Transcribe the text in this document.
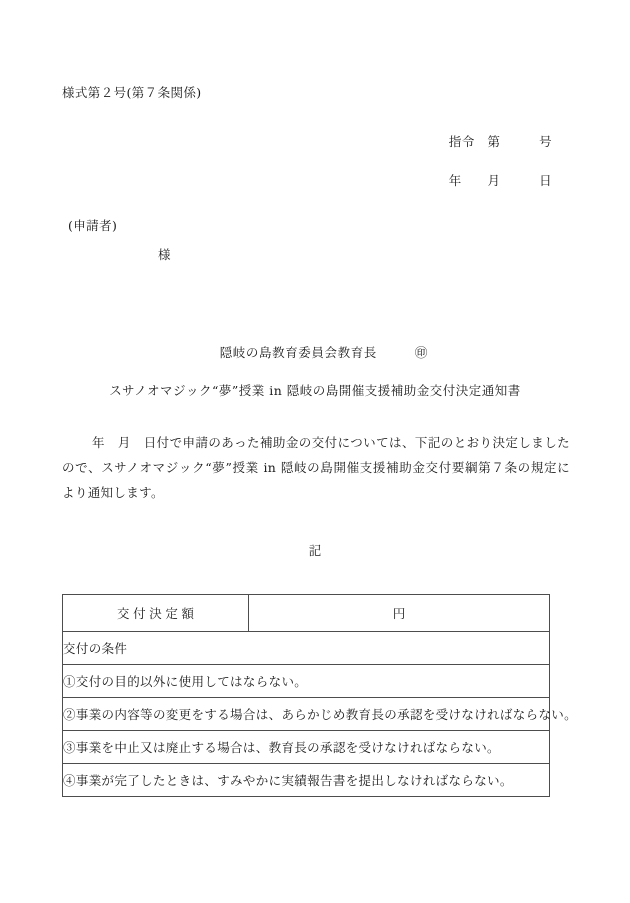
様式第２号(第７条関係)
指令　第　　　号
年　　月　　　日
(申請者)
様

隠岐の島教育委員会教育長	㊞

スサノオマジック“夢”授業 in 隠岐の島開催支援補助金交付決定通知書
年　月　日付で申請のあった補助金の交付については、下記のとおり決定しましたので、スサノオマジック“夢”授業 in 隠岐の島開催支援補助金交付要綱第７条の規定により通知します。
記
交付決定額	円
交付の条件
①交付の目的以外に使用してはならない。
②事業の内容等の変更をする場合は、あらかじめ教育長の承認を受けなければならない。
③事業を中止又は廃止する場合は、教育長の承認を受けなければならない。
④事業が完了したときは、すみやかに実績報告書を提出しなければならない。
